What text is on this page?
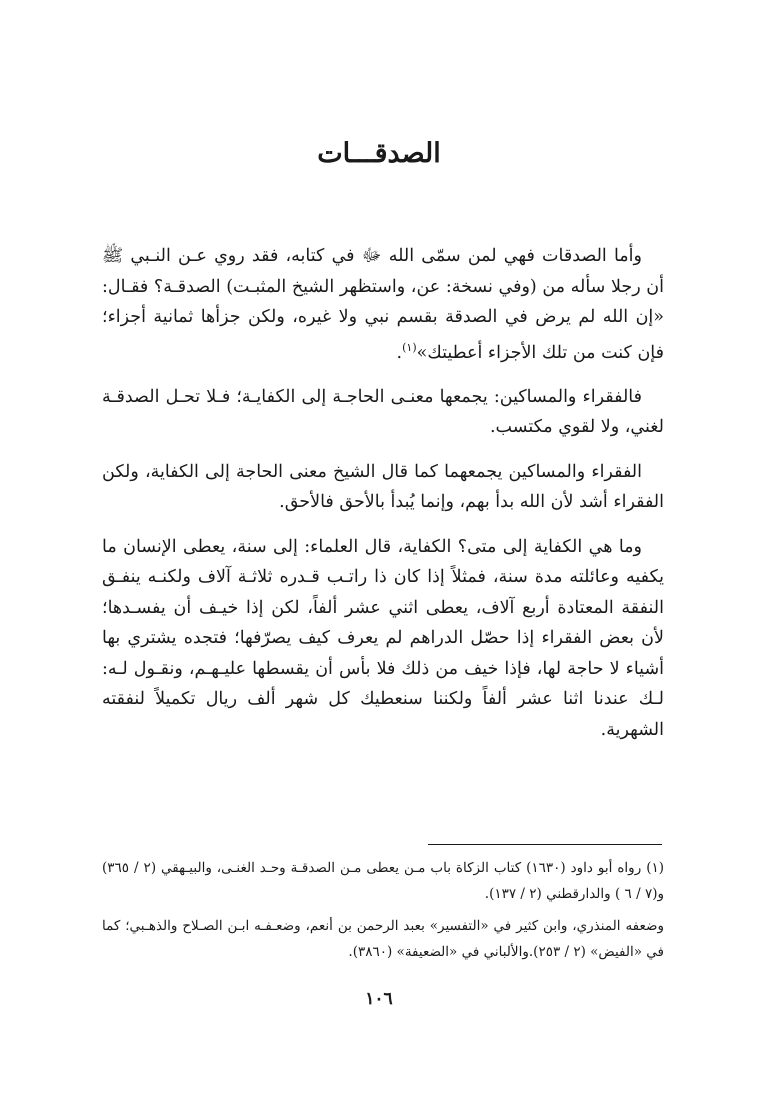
الصدقـــات

وأما الصدقات فهي لمن سمّى الله ﷻ في كتابه، فقد روي عـن النـبي ﷺ أن رجلا سأله من (وفي نسخة: عن، واستظهر الشيخ المثبـت) الصدقـة؟ فقـال: «إن الله لم يرض في الصدقة بقسم نبي ولا غيره، ولكن جزأها ثمانية أجزاء؛ فإن كنت من تلك الأجزاء أعطيتك»$^{(١)}$.

فالفقراء والمساكين: يجمعها معنـى الحاجـة إلى الكفايـة؛ فـلا تحـل الصدقـة لغني، ولا لقوي مكتسب.

الفقراء والمساكين يجمعهما كما قال الشيخ معنى الحاجة إلى الكفاية، ولكن الفقراء أشد لأن الله بدأ بهم، وإنما يُبدأ بالأحق فالأحق.

وما هي الكفاية إلى متى؟ الكفاية، قال العلماء: إلى سنة، يعطى الإنسان ما يكفيه وعائلته مدة سنة، فمثلاً إذا كان ذا راتـب قـدره ثلاثـة آلاف ولكنـه ينفـق النفقة المعتادة أربع آلاف، يعطى اثني عشر ألفاً، لكن إذا خيـف أن يفسـدها؛ لأن بعض الفقراء إذا حصّل الدراهم لم يعرف كيف يصرّفها؛ فتجده يشتري بها أشياء لا حاجة لها، فإذا خيف من ذلك فلا بأس أن يقسطها عليـهـم، ونقـول لـه: لـك عندنا اثنا عشر ألفاً ولكننا سنعطيك كل شهر ألف ريال تكميلاً لنفقته الشهرية.

(١) رواه أبو داود (١٦٣٠) كتاب الزكاة باب مـن يعطى مـن الصدقـة وحـد الغنـى، والبيـهقي (٢ / ٣٦٥) و(٧ / ٦ ) والدارقطني (٢ / ١٣٧).

وضعفه المنذري، وابن كثير في «التفسير» بعبد الرحمن بن أنعم، وضعـفـه ابـن الصـلاح والذهـبي؛ كما في «الفيض» (٢ / ٢٥٣).والألباني في «الضعيفة» (٣٨٦٠).

١٠٦
